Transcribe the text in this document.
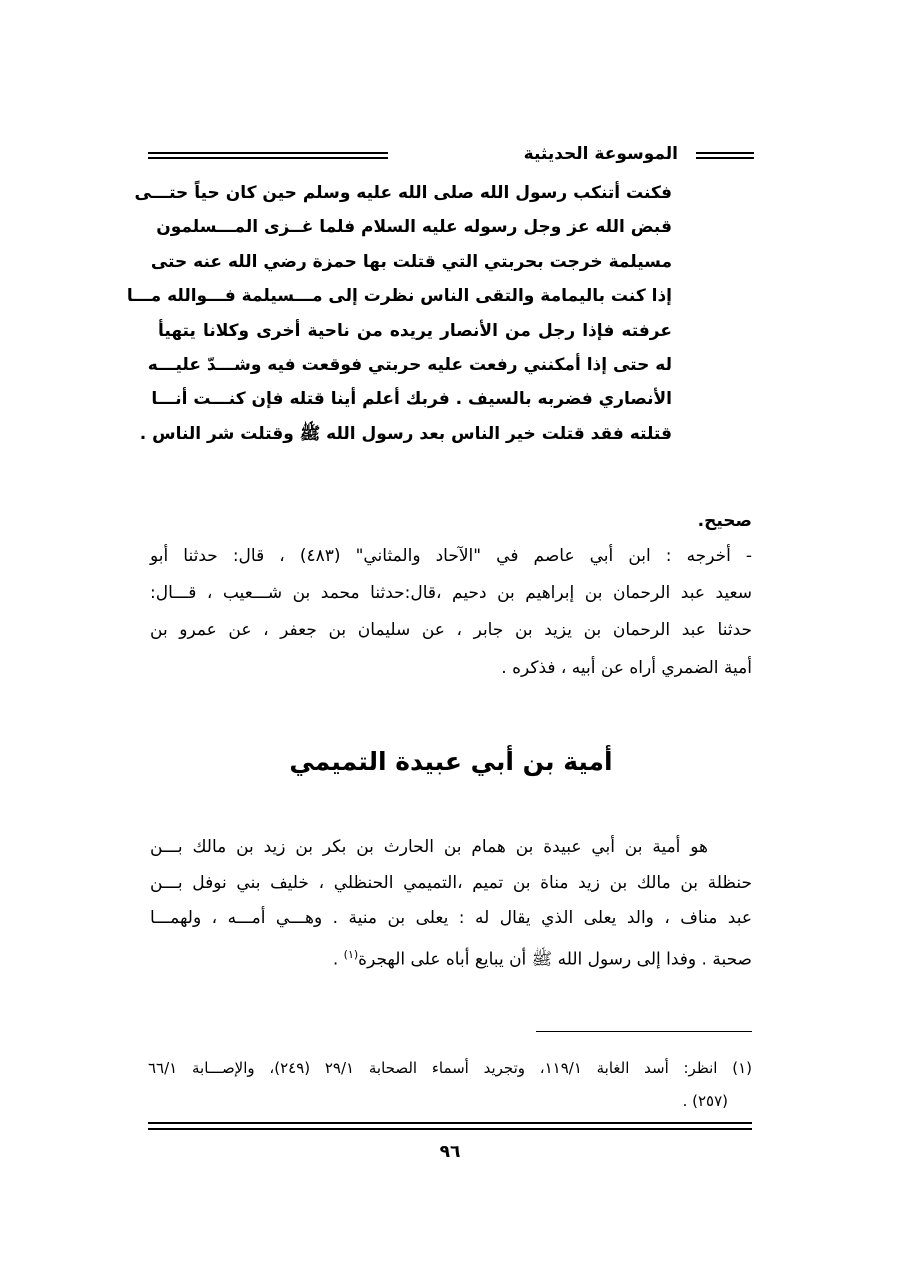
الموسوعة الحديثية
فكنت أتنكب رسول الله صلى الله عليه وسلم حين كان حياً حتـــى
قبض الله عز وجل رسوله عليه السلام فلما غــزى المـــسلمون
مسيلمة خرجت بحربتي التي قتلت بها حمزة رضي الله عنه حتى
إذا كنت باليمامة والتقى الناس نظرت إلى مـــسيلمة فـــوالله مـــا
عرفته فإذا رجل من الأنصار يريده من ناحية أخرى وكلانا يتهيأ
له حتى إذا أمكنني رفعت عليه حربتي فوقعت فيه وشـــدّ عليـــه
الأنصاري فضربه بالسيف . فربك أعلم أينا قتله فإن كنـــت أنـــا
قتلته فقد قتلت خير الناس بعد رسول الله ﷺ وقتلت شر الناس .
صحيح.
- أخرجه : ابن أبي عاصم في "الآحاد والمثاني" (٤٨٣) ، قال: حدثنا أبو
سعيد عبد الرحمان بن إبراهيم بن دحيم ،قال:حدثنا محمد بن شـــعيب ، قـــال:
حدثنا عبد الرحمان بن يزيد بن جابر ، عن سليمان بن جعفر ، عن عمرو بن
أمية الضمري أراه عن أبيه ، فذكره .
أمية بن أبي عبيدة التميمي
هو أمية بن أبي عبيدة بن همام بن الحارث بن بكر بن زيد بن مالك بـــن
حنظلة بن مالك بن زيد مناة بن تميم ،التميمي الحنظلي ، خليف بني نوفل بـــن
عبد مناف ، والد يعلى الذي يقال له : يعلى بن منية . وهـــي أمـــه ، ولهمـــا
صحبة . وفدا إلى رسول الله ﷺ أن يبايع أباه على الهجرة$^{(١)}$ .
(١) انظر: أسد الغابة ١١٩/١، وتجريد أسماء الصحابة ٢٩/١ (٢٤٩)، والإصـــابة ٦٦/١
(٢٥٧) .
٩٦
